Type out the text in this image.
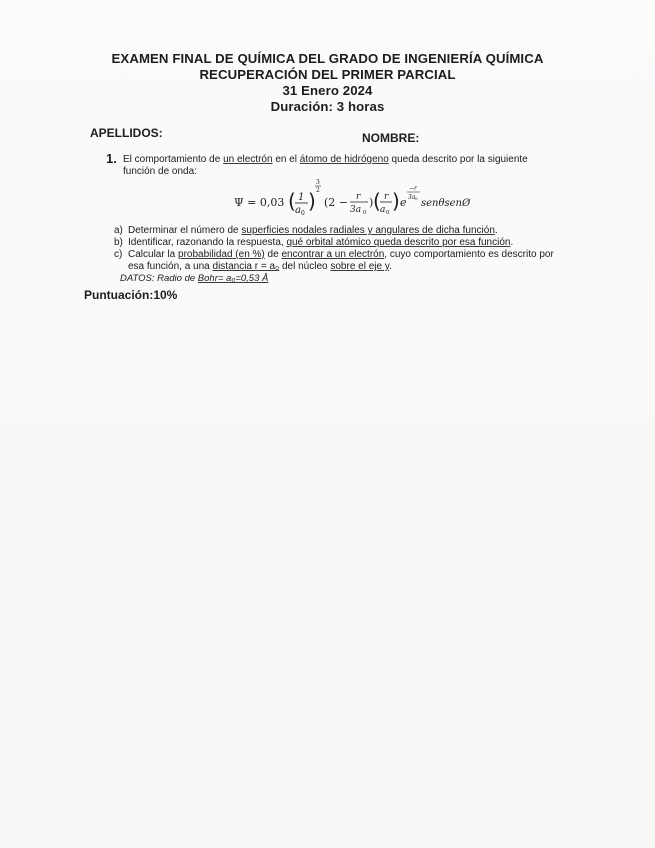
EXAMEN FINAL DE QUÍMICA DEL GRADO DE INGENIERÍA QUÍMICA
RECUPERACIÓN DEL PRIMER PARCIAL
31 Enero 2024
Duración: 3 horas
APELLIDOS:	NOMBRE:
1. El comportamiento de un electrón en el átomo de hidrógeno queda descrito por la siguiente
función de onda:
Ψ = 0,03 ( 1
a 0
)
3
2
(2 − r
3a 0
) ( r
a 0 ) e
−r
3a 0 senθsenØ
a) Determinar el número de superficies nodales radiales y angulares de dicha función.
b) Identificar, razonando la respuesta, qué orbital atómico queda descrito por esa función.
c) Calcular la probabilidad (en %) de encontrar a un electrón, cuyo comportamiento es descrito por
esa función, a una distancia r = a₀ del núcleo sobre el eje y.
DATOS: Radio de Bohr= a₀=0,53 Å
Puntuación:10%
